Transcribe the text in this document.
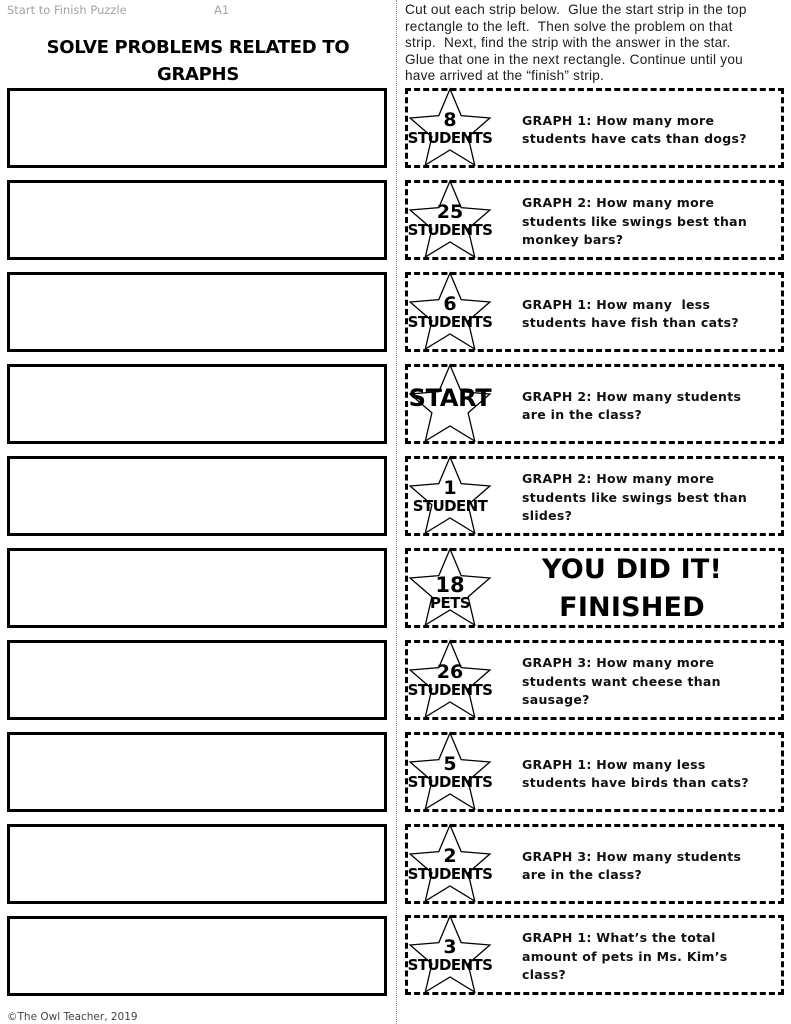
Start to Finish Puzzle	A1
SOLVE PROBLEMS RELATED TO
GRAPHS
Cut out each strip below.  Glue the start strip in the top
rectangle to the left.  Then solve the problem on that
strip.  Next, find the strip with the answer in the star.
Glue that one in the next rectangle. Continue until you
have arrived at the “finish” strip.
8
STUDENTS
GRAPH 1: How many more
students have cats than dogs?
25
STUDENTS
GRAPH 2: How many more
students like swings best than
monkey bars?
6
STUDENTS
GRAPH 1: How many  less
students have fish than cats?
START GRAPH 2: How many students
are in the class?
1
STUDENT
GRAPH 2: How many more
students like swings best than
slides?
18
PETS
YOU DID IT!
FINISHED
26
STUDENTS
GRAPH 3: How many more
students want cheese than
sausage?
5
STUDENTS
GRAPH 1: How many less
students have birds than cats?
2
STUDENTS
GRAPH 3: How many students
are in the class?
3
STUDENTS
GRAPH 1: What’s the total
amount of pets in Ms. Kim’s
class?
©The Owl Teacher, 2019
